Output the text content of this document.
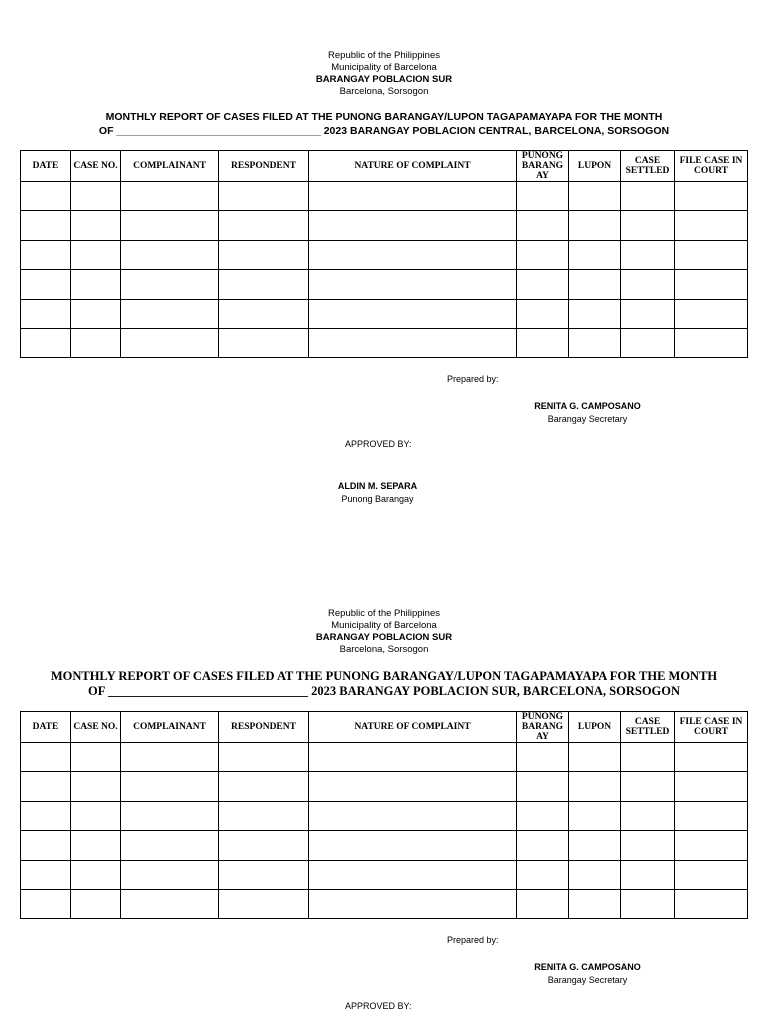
Republic of the Philippines
Municipality of Barcelona
BARANGAY POBLACION SUR
Barcelona, Sorsogon
MONTHLY REPORT OF CASES FILED AT THE PUNONG BARANGAY/LUPON TAGAPAMAYAPA FOR THE MONTH
OF ___________________________________ 2023 BARANGAY POBLACION CENTRAL, BARCELONA, SORSOGON
DATE	CASE NO.	COMPLAINANT	RESPONDENT	NATURE OF COMPLAINT	PUNONG BARANG AY	LUPON	CASE SETTLED	FILE CASE IN COURT

Prepared by:
RENITA G. CAMPOSANO
Barangay Secretary
APPROVED BY:
ALDIN M. SEPARA
Punong Barangay
Republic of the Philippines
Municipality of Barcelona
BARANGAY POBLACION SUR
Barcelona, Sorsogon
MONTHLY REPORT OF CASES FILED AT THE PUNONG BARANGAY/LUPON TAGAPAMAYAPA FOR THE MONTH
OF ________________________________ 2023 BARANGAY POBLACION SUR, BARCELONA, SORSOGON
DATE	CASE NO.	COMPLAINANT	RESPONDENT	NATURE OF COMPLAINT	PUNONG BARANG AY	LUPON	CASE SETTLED	FILE CASE IN COURT

Prepared by:
RENITA G. CAMPOSANO
Barangay Secretary
APPROVED BY:
